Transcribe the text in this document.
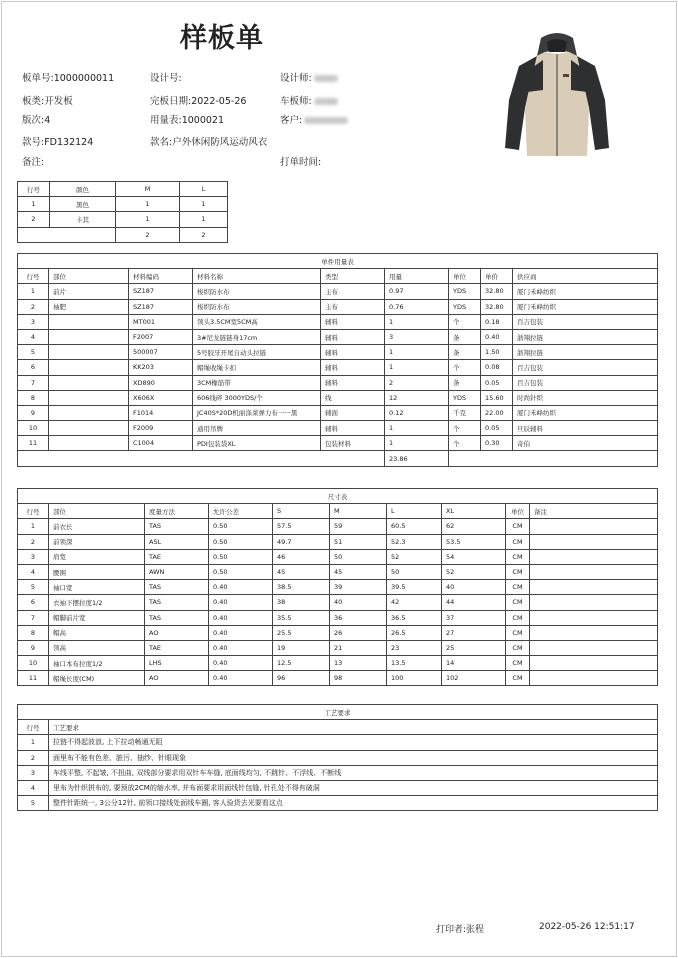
样板单
板单号:1000000011	设计号:	设计师:
板类:开发板	完板日期:2022-05-26	车板师:
版次:4	用量表:1000021	客户:
款号:FD132124	款名:户外休闲防风运动风衣
备注:	打单时间:
行号	颜色	M	L
1	黑色	1	1
2	卡其	1	1
		2	2
单件用量表								
行号	部位	材料编码	材料名称	类型	用量	单位	单价	供应商
1	前片	SZ187	梭织防水布	主布	0.97	YDS	32.80	厦门禾峰纺织
2	袖肥	SZ187	梭织防水布	主布	0.76	YDS	32.80	厦门禾峰纺织
3		MT001	领头3.5CM宽5CM高	辅料	1	个	0.18	百吉包装
4		F2007	3#尼龙链链身17cm	辅料	3	条	0.40	浙翔拉链
5		500007	5号胶牙开尾自动头拉链	辅料	1	条	1.50	浙翔拉链
6		KK203	帽绳收绳卡扣	辅料	1	个	0.08	百吉包装
7		XD890	3CM橡筋带	辅料	2	条	0.05	百吉包装
8		X606X	606线碎 3000YDS/个	线	12	YDS	15.60	时尚针织
9		F1014	JC40S*20D机丽涤莱弹力布一一黑	辅面	0.12	千克	22.00	厦门禾峰纺织
10		F2009	通用吊牌	辅料	1	个	0.05	旦辰辅料
11		C1004	PDI包装袋XL	包装材料	1	个	0.30	奇伯
					23.86			
尺寸表									
行号	部位	度量方法	允许公差	S	M	L	XL	单位	备注
1	前衣长	TAS	0.50	57.5	59	60.5	62	CM	
2	前领深	ASL	0.50	49.7	51	52.3	53.5	CM	
3	肩宽	TAE	0.50	46	50	52	54	CM	
4	腰围	AWN	0.50	45	45	50	52	CM	
5	袖口宽	TAS	0.40	38.5	39	39.5	40	CM	
6	衣袖下摆拉度1/2	TAS	0.40	38	40	42	44	CM	
7	帽脚前片宽	TAS	0.40	35.5	36	36.5	37	CM	
8	帽高	AO	0.40	25.5	26	26.5	27	CM	
9	领高	TAE	0.40	19	21	23	25	CM	
10	袖口本布拉度1/2	LHS	0.40	12.5	13	13.5	14	CM	
11	帽绳长度(CM)	AO	0.40	96	98	100	102	CM	
工艺要求	
行号	工艺要求
1	拉链不得起波浪, 上下拉动畅通无阻
2	面里布不能有色差、脏污、抽纱、针眼现象
3	车线平整, 不起皱, 不扭曲, 双线部分要求用双针车车缝, 底面线均匀, 不跳针、不浮线、不断线
4	里布为针织拼布的, 要预放2CM的缩水率, 并布面要求用面线针包缝, 针孔处不得有破洞
5	整件针距统一, 3公分12针, 前领口接线处面线车圈, 客人验货去光要看这点
打印者:张程	2022-05-26 12:51:17
